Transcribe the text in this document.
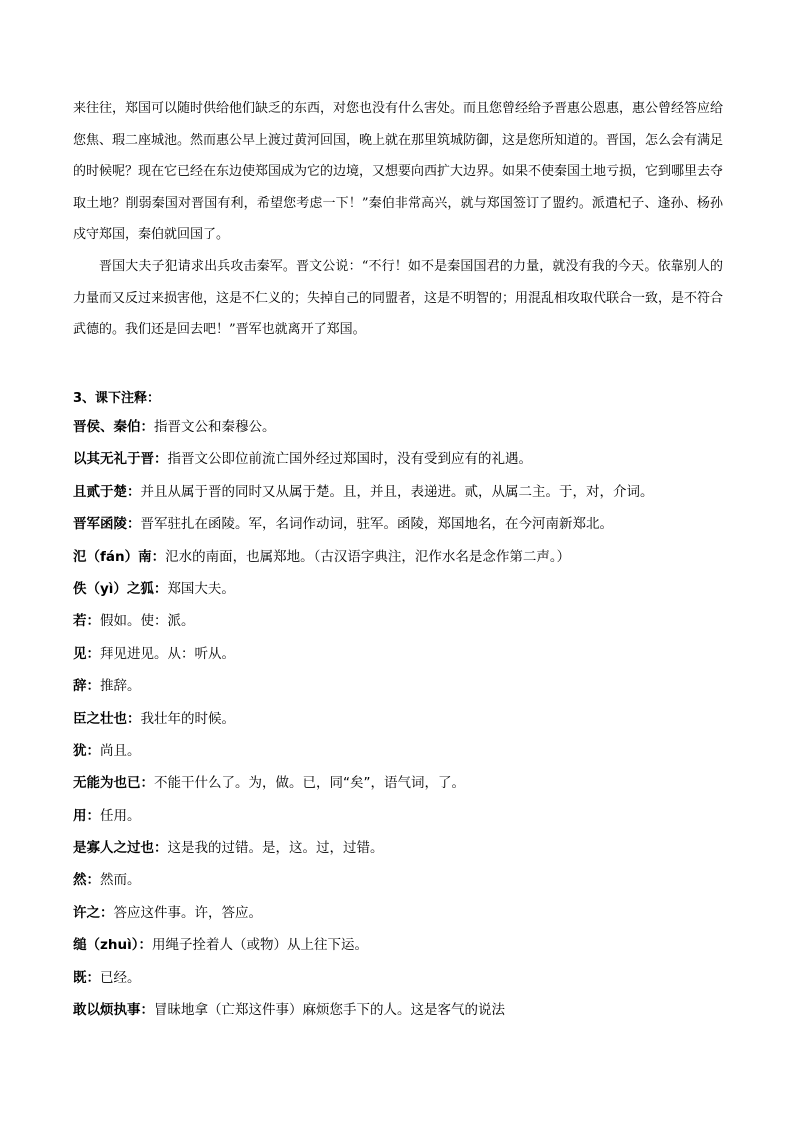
来往往，郑国可以随时供给他们缺乏的东西，对您也没有什么害处。而且您曾经给予晋惠公恩惠，惠公曾经答应给您焦、瑕二座城池。然而惠公早上渡过黄河回国，晚上就在那里筑城防御，这是您所知道的。晋国，怎么会有满足的时候呢？现在它已经在东边使郑国成为它的边境，又想要向西扩大边界。如果不使秦国土地亏损，它到哪里去夺取土地？削弱秦国对晋国有利，希望您考虑一下！”秦伯非常高兴，就与郑国签订了盟约。派遣杞子、逢孙、杨孙戍守郑国，秦伯就回国了。

晋国大夫子犯请求出兵攻击秦军。晋文公说：“不行！如不是秦国国君的力量，就没有我的今天。依靠别人的力量而又反过来损害他，这是不仁义的；失掉自己的同盟者，这是不明智的；用混乱相攻取代联合一致，是不符合武德的。我们还是回去吧！”晋军也就离开了郑国。

3、课下注释：
晋侯、秦伯：指晋文公和秦穆公。
以其无礼于晋：指晋文公即位前流亡国外经过郑国时，没有受到应有的礼遇。
且贰于楚：并且从属于晋的同时又从属于楚。且，并且，表递进。贰，从属二主。于，对，介词。
晋军函陵：晋军驻扎在函陵。军，名词作动词，驻军。函陵，郑国地名，在今河南新郑北。
氾（fán）南：氾水的南面，也属郑地。（古汉语字典注，氾作水名是念作第二声。）
佚（yì）之狐：郑国大夫。
若：假如。使：派。
见：拜见进见。从：听从。
辞：推辞。
臣之壮也：我壮年的时候。
犹：尚且。
无能为也已：不能干什么了。为，做。已，同“矣”，语气词，了。
用：任用。
是寡人之过也：这是我的过错。是，这。过，过错。
然：然而。
许之：答应这件事。许，答应。
缒（zhuì）：用绳子拴着人（或物）从上往下运。
既：已经。
敢以烦执事：冒昧地拿（亡郑这件事）麻烦您手下的人。这是客气的说法
